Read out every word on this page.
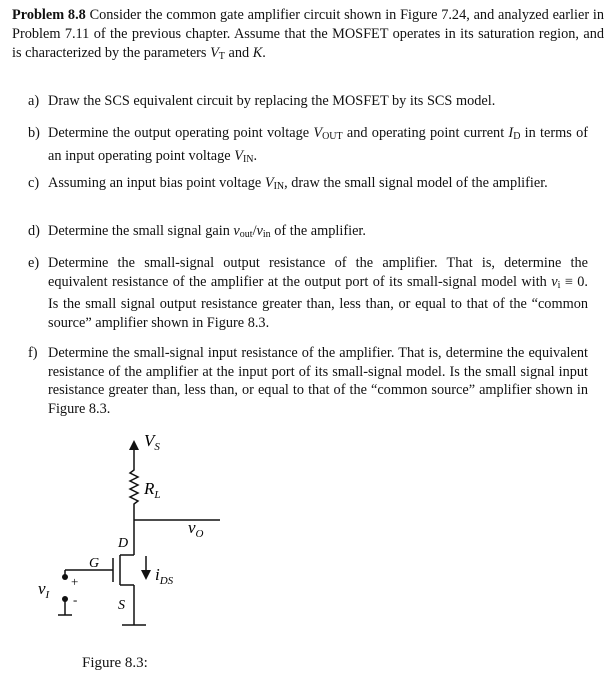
Problem 8.8 Consider the common gate amplifier circuit shown in Figure 7.24, and analyzed earlier in Problem 7.11 of the previous chapter. Assume that the MOSFET operates in its saturation region, and is characterized by the parameters $V_T$ and K.
a) Draw the SCS equivalent circuit by replacing the MOSFET by its SCS model.
b) Determine the output operating point voltage $V_{OUT}$ and operating point current $I_D$ in terms of an input operating point voltage $V_{IN}$.
c) Assuming an input bias point voltage $V_{IN}$, draw the small signal model of the amplifier.
d) Determine the small signal gain $v_{out}/v_{in}$ of the amplifier.
e) Determine the small-signal output resistance of the amplifier. That is, determine the equivalent resistance of the amplifier at the output port of its small-signal model with $v_i \equiv 0$. Is the small signal output resistance greater than, less than, or equal to that of the “common source” amplifier shown in Figure 8.3.
f) Determine the small-signal input resistance of the amplifier. That is, determine the equivalent resistance of the amplifier at the input port of its small-signal model. Is the small signal input resistance greater than, less than, or equal to that of the “common source” amplifier shown in Figure 8.3.
$V_S$
$R_L$
$v_O$
D
G
S
$i_{DS}$
$v_I$
+
-
Figure 8.3:
